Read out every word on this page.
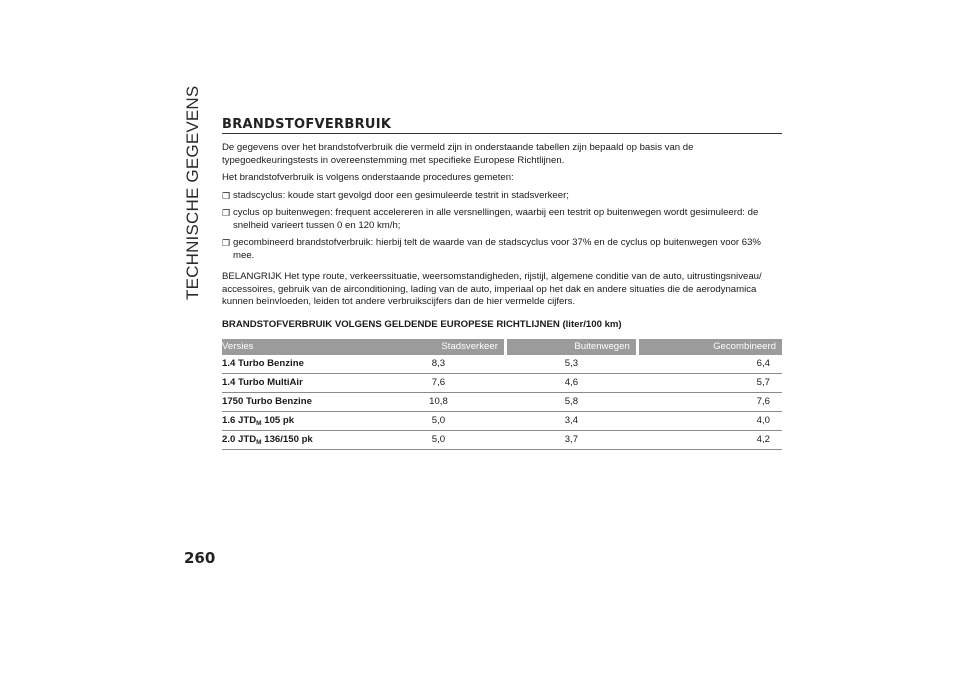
TECHNISCHE GEGEVENS BRANDSTOFVERBRUIK

De gegevens over het brandstofverbruik die vermeld zijn in onderstaande tabellen zijn bepaald op basis van de typegoedkeuringstests in overeenstemming met specifieke Europese Richtlijnen.

Het brandstofverbruik is volgens onderstaande procedures gemeten:

❒ stadscyclus: koude start gevolgd door een gesimuleerde testrit in stadsverkeer;
❒ cyclus op buitenwegen: frequent accelereren in alle versnellingen, waarbij een testrit op buitenwegen wordt gesimuleerd: de snelheid varieert tussen 0 en 120 km/h;
❒ gecombineerd brandstofverbruik: hierbij telt de waarde van de stadscyclus voor 37% en de cyclus op buitenwegen voor 63% mee.

BELANGRIJK Het type route, verkeerssituatie, weersomstandigheden, rijstijl, algemene conditie van de auto, uitrustingsniveau/ accessoires, gebruik van de airconditioning, lading van de auto, imperiaal op het dak en andere situaties die de aerodynamica kunnen beïnvloeden, leiden tot andere verbruikscijfers dan de hier vermelde cijfers.

BRANDSTOFVERBRUIK VOLGENS GELDENDE EUROPESE RICHTLIJNEN (liter/100 km)
Versies	Stadsverkeer		Buitenwegen		Gecombineerd
1.4 Turbo Benzine	8,3		5,3		6,4
1.4 Turbo MultiAir	7,6		4,6		5,7
1750 Turbo Benzine	10,8		5,8		7,6
1.6 $JTD_M$ 105 pk	5,0		3,4		4,0
2.0 $JTD_M$ 136/150 pk	5,0		3,7		4,2
260
